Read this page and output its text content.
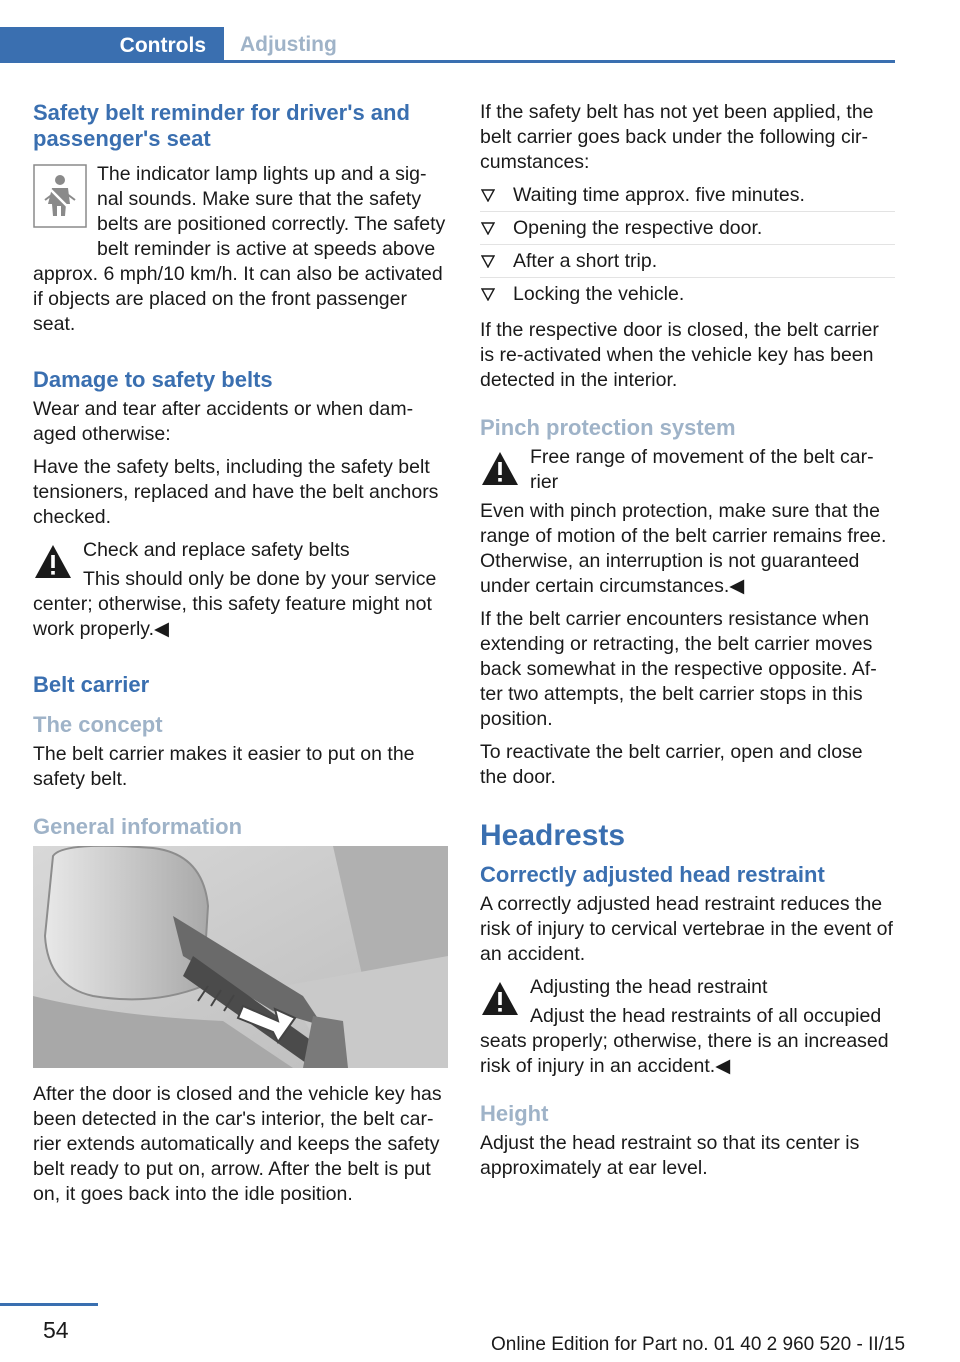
Controls	Adjusting
Safety belt reminder for driver's and passenger's seat

The indicator lamp lights up and a sig‐nal sounds. Make sure that the safety belts are positioned correctly. The safety belt reminder is active at speeds above approx. 6 mph/10 km/h. It can also be activated if objects are placed on the front passenger seat.

Damage to safety belts

Wear and tear after accidents or when dam‐aged otherwise:

Have the safety belts, including the safety belt tensioners, replaced and have the belt anchors checked.

Check and replace safety belts

This should only be done by your service center; otherwise, this safety feature might not work properly.◀

Belt carrier
The concept

The belt carrier makes it easier to put on the safety belt.

General information

After the door is closed and the vehicle key has been detected in the car's interior, the belt car‐rier extends automatically and keeps the safety belt ready to put on, arrow. After the belt is put on, it goes back into the idle position.

If the safety belt has not yet been applied, the belt carrier goes back under the following cir‐cumstances:

Waiting time approx. five minutes.
Opening the respective door.
After a short trip.
Locking the vehicle.

If the respective door is closed, the belt carrier is re-activated when the vehicle key has been detected in the interior.

Pinch protection system

Free range of movement of the belt car‐rier

Even with pinch protection, make sure that the range of motion of the belt carrier remains free. Otherwise, an interruption is not guaranteed under certain circumstances.◀

If the belt carrier encounters resistance when extending or retracting, the belt carrier moves back somewhat in the respective opposite. Af‐ter two attempts, the belt carrier stops in this position.

To reactivate the belt carrier, open and close the door.

Headrests
Correctly adjusted head restraint

A correctly adjusted head restraint reduces the risk of injury to cervical vertebrae in the event of an accident.

Adjusting the head restraint

Adjust the head restraints of all occupied seats properly; otherwise, there is an increased risk of injury in an accident.◀

Height

Adjust the head restraint so that its center is approximately at ear level.

54
Online Edition for Part no. 01 40 2 960 520 - II/15
